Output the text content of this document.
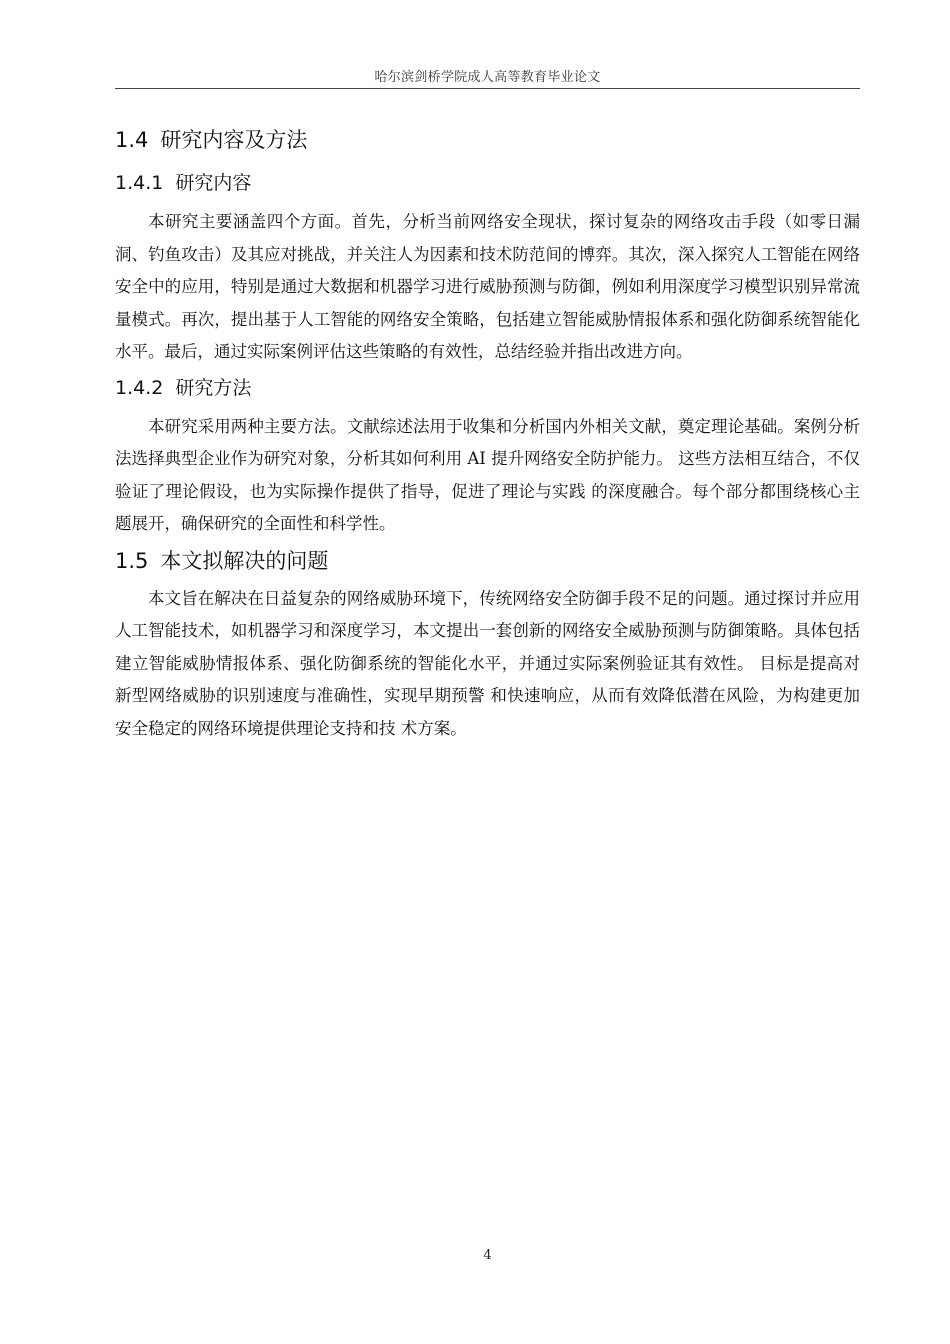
哈尔滨剑桥学院成人高等教育毕业论文
1.4 研究内容及方法
1.4.1 研究内容

本研究主要涵盖四个方面。首先，分析当前网络安全现状，探讨复杂的网络攻击手段（如零日漏洞、钓鱼攻击）及其应对挑战，并关注人为因素和技术防范间的博弈。其次，深入探究人工智能在网络安全中的应用，特别是通过大数据和机器学习进行威胁预测与防御，例如利用深度学习模型识别异常流量模式。再次，提出基于人工智能的网络安全策略，包括建立智能威胁情报体系和强化防御系统智能化水平。最后，通过实际案例评估这些策略的有效性，总结经验并指出改进方向。

1.4.2 研究方法

本研究采用两种主要方法。文献综述法用于收集和分析国内外相关文献，奠定理论基础。案例分析法选择典型企业作为研究对象，分析其如何利用 AI 提升网络安全防护能力。 这些方法相互结合，不仅验证了理论假设，也为实际操作提供了指导，促进了理论与实践 的深度融合。每个部分都围绕核心主题展开，确保研究的全面性和科学性。

1.5 本文拟解决的问题

本文旨在解决在日益复杂的网络威胁环境下，传统网络安全防御手段不足的问题。通过探讨并应用人工智能技术，如机器学习和深度学习，本文提出一套创新的网络安全威胁预测与防御策略。具体包括建立智能威胁情报体系、强化防御系统的智能化水平，并通过实际案例验证其有效性。 目标是提高对新型网络威胁的识别速度与准确性，实现早期预警 和快速响应，从而有效降低潜在风险，为构建更加安全稳定的网络环境提供理论支持和技 术方案。

4
